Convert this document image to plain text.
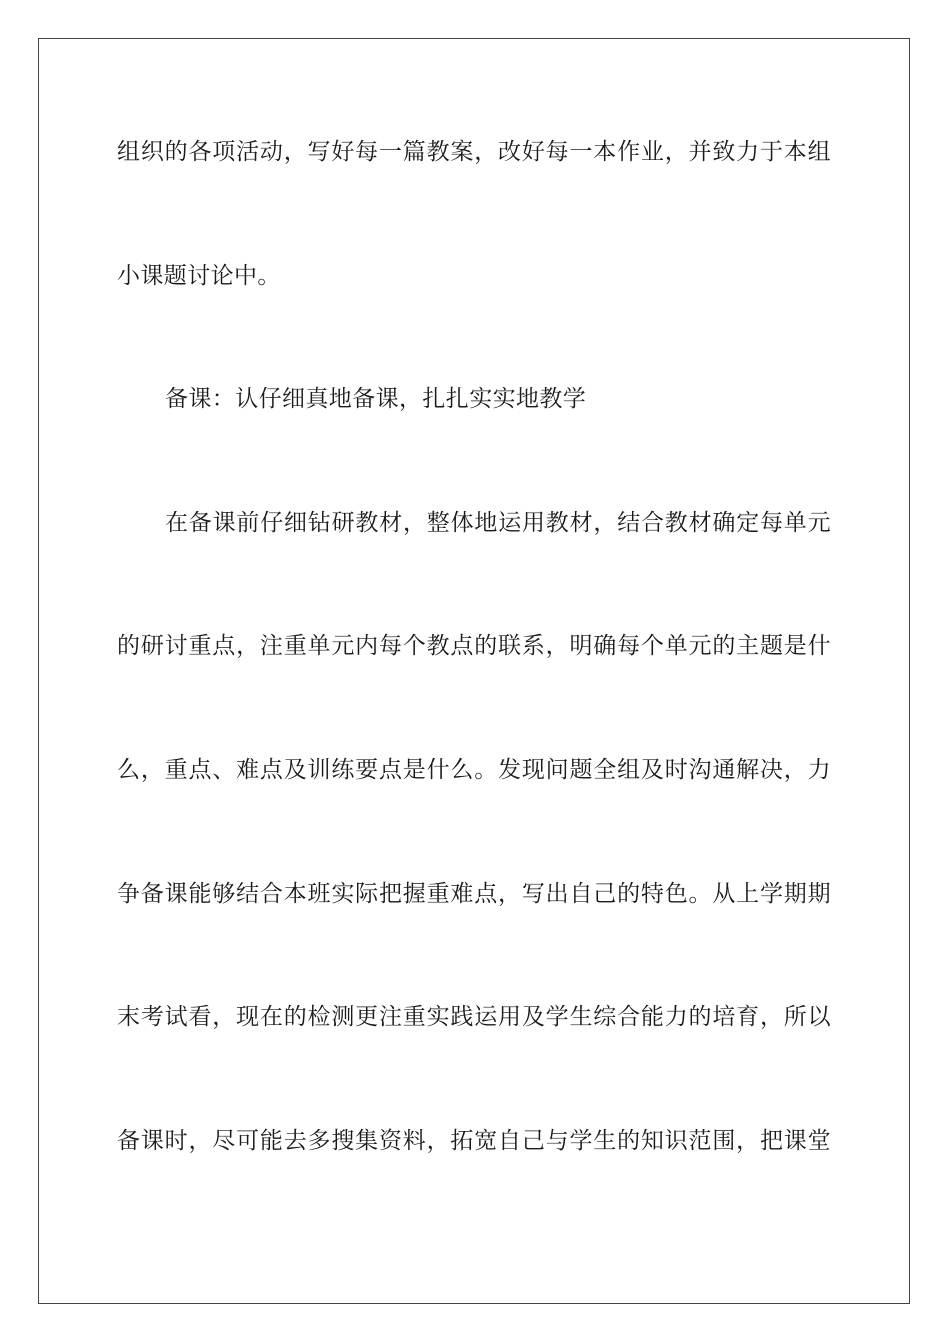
组织的各项活动，写好每一篇教案，改好每一本作业，并致力于本组
小课题讨论中。
备课：认仔细真地备课，扎扎实实地教学
在备课前仔细钻研教材，整体地运用教材，结合教材确定每单元
的研讨重点，注重单元内每个教点的联系，明确每个单元的主题是什
么，重点、难点及训练要点是什么。发现问题全组及时沟通解决，力
争备课能够结合本班实际把握重难点，写出自己的特色。从上学期期
末考试看，现在的检测更注重实践运用及学生综合能力的培育，所以
备课时，尽可能去多搜集资料，拓宽自己与学生的知识范围，把课堂
